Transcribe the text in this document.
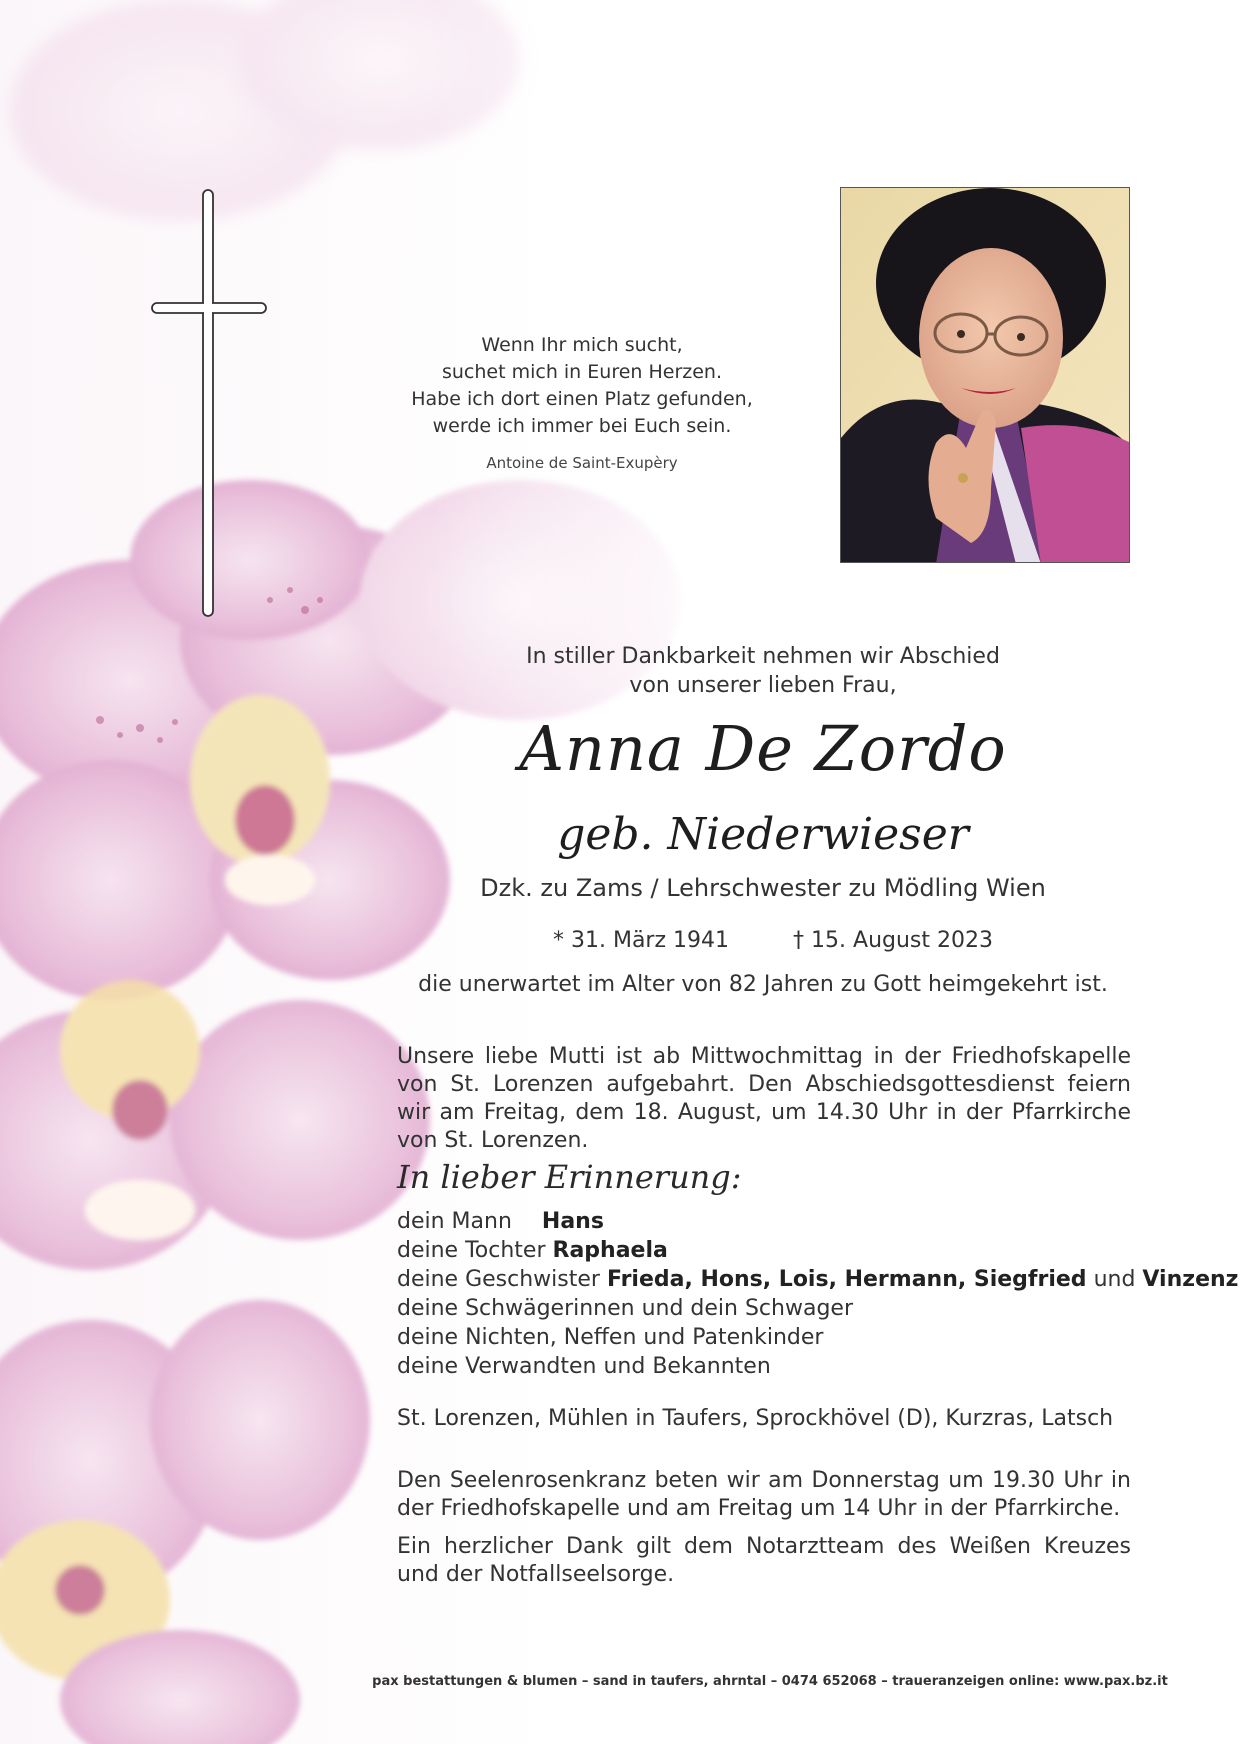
Wenn Ihr mich sucht,
suchet mich in Euren Herzen.
Habe ich dort einen Platz gefunden,
werde ich immer bei Euch sein.
Antoine de Saint-Exupèry
In stiller Dankbarkeit nehmen wir Abschied
von unserer lieben Frau,
Anna De Zordo
geb. Niederwieser
Dzk. zu Zams / Lehrschwester zu Mödling Wien
* 31. März 1941	† 15. August 2023
die unerwartet im Alter von 82 Jahren zu Gott heimgekehrt ist.
Unsere liebe Mutti ist ab Mittwochmittag in der Friedhofskapelle von St. Lorenzen aufgebahrt. Den Abschiedsgottesdienst feiern wir am Freitag, dem 18. August, um 14.30 Uhr in der Pfarrkirche von St. Lorenzen.
In lieber Erinnerung:
dein Mann Hans
deine Tochter Raphaela
deine Geschwister Frieda, Hons, Lois, Hermann, Siegfried und Vinzenz
deine Schwägerinnen und dein Schwager
deine Nichten, Neffen und Patenkinder
deine Verwandten und Bekannten
St. Lorenzen, Mühlen in Taufers, Sprockhövel (D), Kurzras, Latsch
Den Seelenrosenkranz beten wir am Donnerstag um 19.30 Uhr in der Friedhofskapelle und am Freitag um 14 Uhr in der Pfarrkirche.
Ein herzlicher Dank gilt dem Notarztteam des Weißen Kreuzes und der Notfallseelsorge.
pax bestattungen & blumen – sand in taufers, ahrntal – 0474 652068 – traueranzeigen online: www.pax.bz.it
